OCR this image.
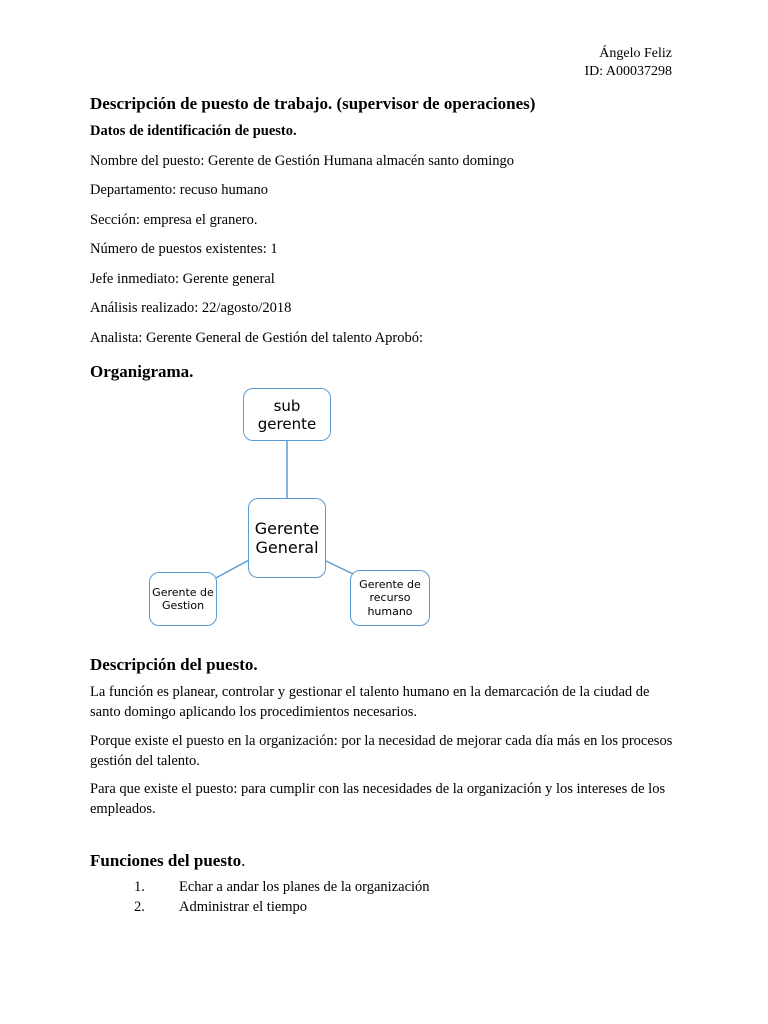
Ángelo Feliz
ID: A00037298
Descripción de puesto de trabajo. (supervisor de operaciones)
Datos de identificación de puesto.
Nombre del puesto: Gerente de Gestión Humana almacén santo domingo
Departamento: recuso humano
Sección: empresa el granero.
Número de puestos existentes: 1
Jefe inmediato: Gerente general
Análisis realizado: 22/agosto/2018
Analista: Gerente General de Gestión del talento Aprobó:
Organigrama.
sub gerente
Gerente General
Gerente de Gestion
Gerente de recurso humano
Descripción del puesto.
La función es planear, controlar y gestionar el talento humano en la demarcación de la ciudad de santo domingo aplicando los procedimientos necesarios.
Porque existe el puesto en la organización: por la necesidad de mejorar cada día más en los procesos gestión del talento.
Para que existe el puesto: para cumplir con las necesidades de la organización y los intereses de los empleados.
Funciones del puesto.
1. Echar a andar los planes de la organización
2. Administrar el tiempo
